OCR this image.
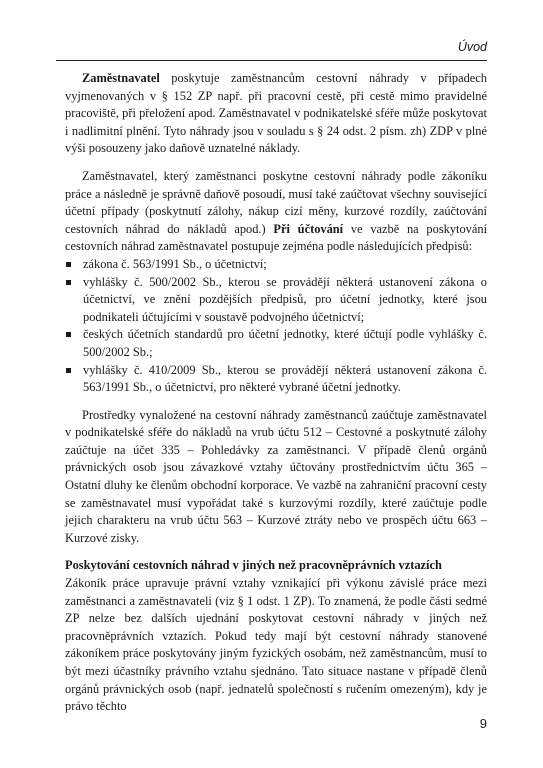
Úvod

Zaměstnavatel poskytuje zaměstnancům cestovní náhrady v případech vyjmenovaných v § 152 ZP např. při pracovní cestě, při cestě mimo pravidelné pracoviště, při přeložení apod. Zaměstnavatel v podnikatelské sféře může poskytovat i nadlimitní plnění. Tyto náhrady jsou v souladu s § 24 odst. 2 písm. zh) ZDP v plné výši posouzeny jako daňově uznatelné náklady.

Zaměstnavatel, který zaměstnanci poskytne cestovní náhrady podle zákoníku práce a následně je správně daňově posoudí, musí také zaúčtovat všechny související účetní případy (poskytnutí zálohy, nákup cizí měny, kurzové rozdíly, zaúčtování cestovních náhrad do nákladů apod.) Při účtování ve vazbě na poskytování cestovních náhrad zaměstnavatel postupuje zejména podle následujících předpisů:

zákona č. 563/1991 Sb., o účetnictví;
vyhlášky č. 500/2002 Sb., kterou se provádějí některá ustanovení zákona o účetnictví, ve znění pozdějších předpisů, pro účetní jednotky, které jsou podnikateli účtujícími v soustavě podvojného účetnictví;
českých účetních standardů pro účetní jednotky, které účtují podle vyhlášky č. 500/2002 Sb.;
vyhlášky č. 410/2009 Sb., kterou se provádějí některá ustanovení zákona č. 563/1991 Sb., o účetnictví, pro některé vybrané účetní jednotky.

Prostředky vynaložené na cestovní náhrady zaměstnanců zaúčtuje zaměstnavatel v podnikatelské sféře do nákladů na vrub účtu 512 – Cestovné a poskytnuté zálohy zaúčtuje na účet 335 – Pohledávky za zaměstnanci. V případě členů orgánů právnických osob jsou závazkové vztahy účtovány prostřednictvím účtu 365 – Ostatní dluhy ke členům obchodní korporace. Ve vazbě na zahraniční pracovní cesty se zaměstnavatel musí vypořádat také s kurzovými rozdíly, které zaúčtuje podle jejich charakteru na vrub účtu 563 – Kurzové ztráty nebo ve prospěch účtu 663 – Kurzové zisky.

Poskytování cestovních náhrad v jiných než pracovněprávních vztazích

Zákoník práce upravuje právní vztahy vznikající při výkonu závislé práce mezi zaměstnanci a zaměstnavateli (viz § 1 odst. 1 ZP). To znamená, že podle části sedmé ZP nelze bez dalších ujednání poskytovat cestovní náhrady v jiných než pracovněprávních vztazích. Pokud tedy mají být cestovní náhrady stanovené zákoníkem práce poskytovány jiným fyzických osobám, než zaměstnancům, musí to být mezi účastníky právního vztahu sjednáno. Tato situace nastane v případě členů orgánů právnických osob (např. jednatelů společností s ručením omezeným), kdy je právo těchto

9
